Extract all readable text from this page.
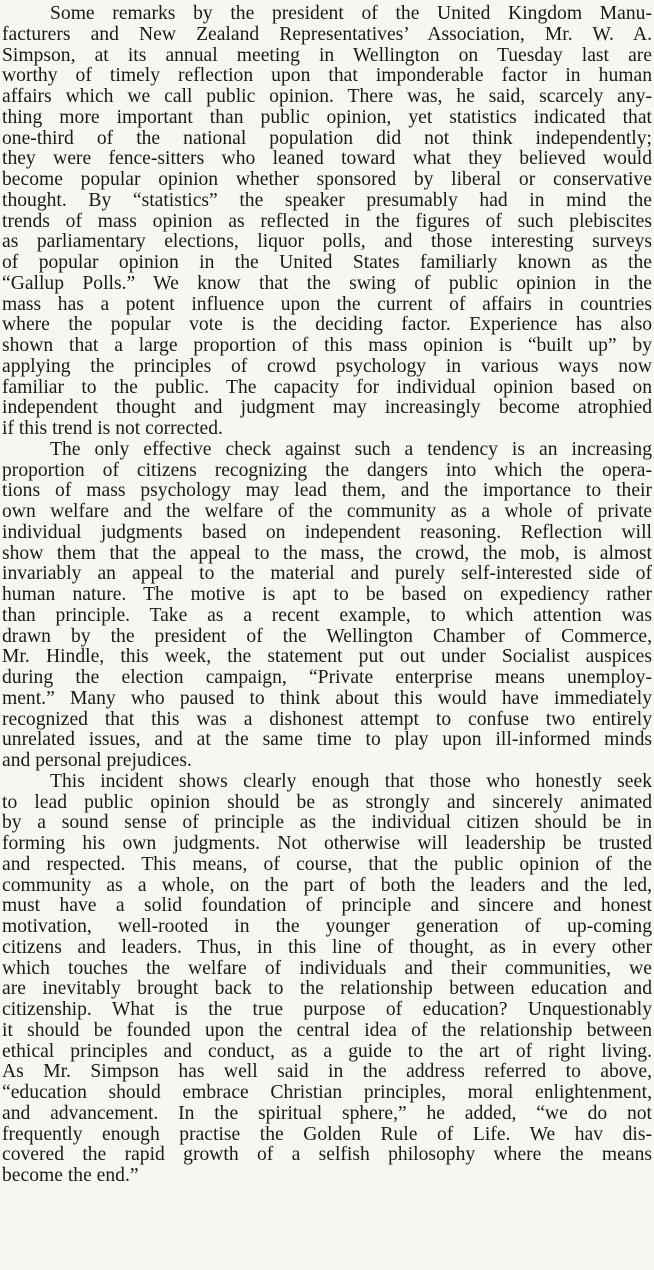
Some remarks by the president of the United Kingdom Manu-
facturers and New Zealand Representatives’ Association, Mr. W. A.
Simpson, at its annual meeting in Wellington on Tuesday last are
worthy of timely reflection upon that imponderable factor in human
affairs which we call public opinion. There was, he said, scarcely any-
thing more important than public opinion, yet statistics indicated that
one-third of the national population did not think independently;
they were fence-sitters who leaned toward what they believed would
become popular opinion whether sponsored by liberal or conservative
thought. By “statistics” the speaker presumably had in mind the
trends of mass opinion as reflected in the figures of such plebiscites
as parliamentary elections, liquor polls, and those interesting surveys
of popular opinion in the United States familiarly known as the
“Gallup Polls.” We know that the swing of public opinion in the
mass has a potent influence upon the current of affairs in countries
where the popular vote is the deciding factor. Experience has also
shown that a large proportion of this mass opinion is “built up” by
applying the principles of crowd psychology in various ways now
familiar to the public. The capacity for individual opinion based on
independent thought and judgment may increasingly become atrophied
if this trend is not corrected.
The only effective check against such a tendency is an increasing
proportion of citizens recognizing the dangers into which the opera-
tions of mass psychology may lead them, and the importance to their
own welfare and the welfare of the community as a whole of private
individual judgments based on independent reasoning. Reflection will
show them that the appeal to the mass, the crowd, the mob, is almost
invariably an appeal to the material and purely self-interested side of
human nature. The motive is apt to be based on expediency rather
than principle. Take as a recent example, to which attention was
drawn by the president of the Wellington Chamber of Commerce,
Mr. Hindle, this week, the statement put out under Socialist auspices
during the election campaign, “Private enterprise means unemploy-
ment.” Many who paused to think about this would have immediately
recognized that this was a dishonest attempt to confuse two entirely
unrelated issues, and at the same time to play upon ill-informed minds
and personal prejudices.
This incident shows clearly enough that those who honestly seek
to lead public opinion should be as strongly and sincerely animated
by a sound sense of principle as the individual citizen should be in
forming his own judgments. Not otherwise will leadership be trusted
and respected. This means, of course, that the public opinion of the
community as a whole, on the part of both the leaders and the led,
must have a solid foundation of principle and sincere and honest
motivation, well-rooted in the younger generation of up-coming
citizens and leaders. Thus, in this line of thought, as in every other
which touches the welfare of individuals and their communities, we
are inevitably brought back to the relationship between education and
citizenship. What is the true purpose of education? Unquestionably
it should be founded upon the central idea of the relationship between
ethical principles and conduct, as a guide to the art of right living.
As Mr. Simpson has well said in the address referred to above,
“education should embrace Christian principles, moral enlightenment,
and advancement. In the spiritual sphere,” he added, “we do not
frequently enough practise the Golden Rule of Life. We hav dis-
covered the rapid growth of a selfish philosophy where the means
become the end.”
